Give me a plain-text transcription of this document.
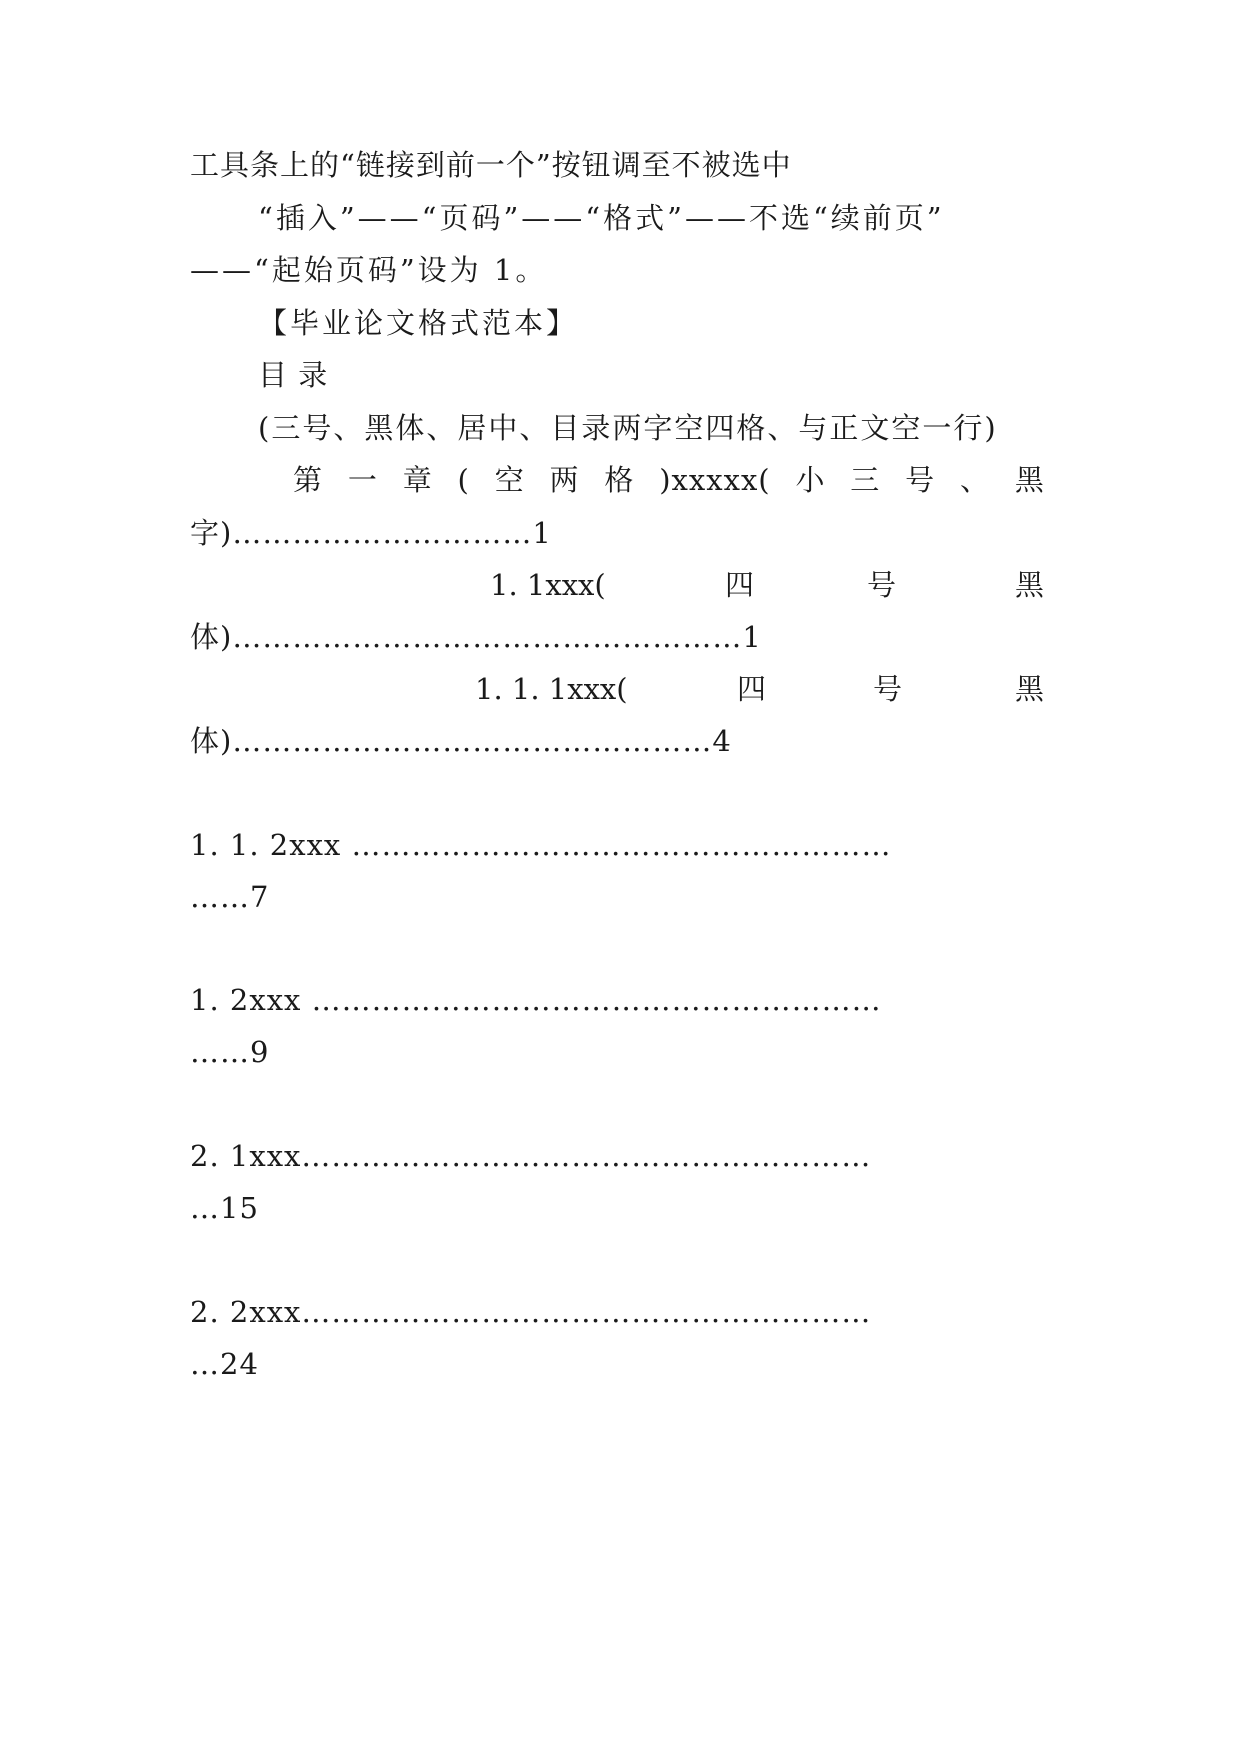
工具条上的“链接到前一个”按钮调至不被选中
“插入”——“页码”——“格式”——不选“续前页”
——“起始页码”设为 1。
【毕业论文格式范本】
目 录
(三号、黑体、居中、目录两字空四格、与正文空一行)
第 一 章 ( 空 两 格 )xxxxx( 小 三 号 、 黑
字)…………………………1
1. 1xxx(	四	号	黑
体)……………………………………………1
1. 1. 1xxx(	四	号	黑
体)…………………………………………4
1. 1. 2xxx ………………………………………………
……7
1. 2xxx …………………………………………………
……9
2. 1xxx…………………………………………………
…15
2. 2xxx…………………………………………………
…24
